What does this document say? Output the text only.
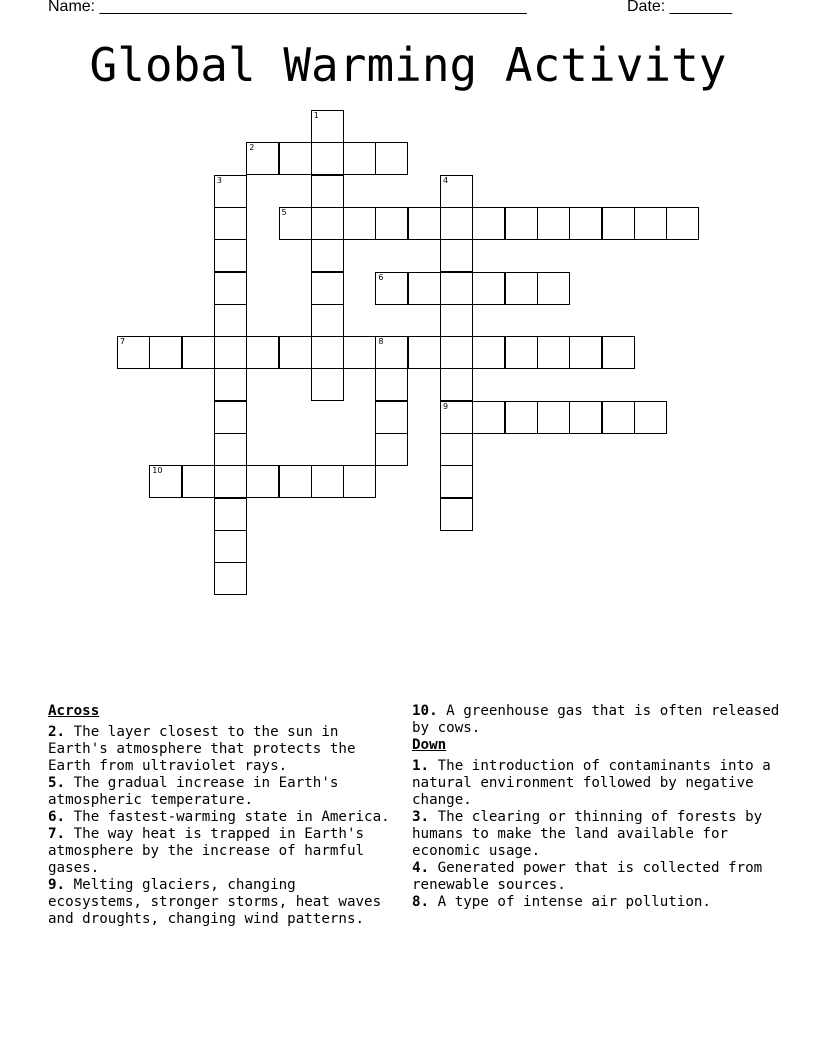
Name: ________________________________________________	Date: _______
Global Warming Activity
1
2
3	4
9
5
6
7	8
10
Across
2. The layer closest to the sun in Earth's atmosphere that protects the Earth from ultraviolet rays.
5. The gradual increase in Earth's atmospheric temperature.
6. The fastest-warming state in America.
7. The way heat is trapped in Earth's atmosphere by the increase of harmful gases.
9. Melting glaciers, changing ecosystems, stronger storms, heat waves and droughts, changing wind patterns.
10. A greenhouse gas that is often released by cows.
Down
1. The introduction of contaminants into a natural environment followed by negative change.
3. The clearing or thinning of forests by humans to make the land available for economic usage.
4. Generated power that is collected from renewable sources.
8. A type of intense air pollution.
